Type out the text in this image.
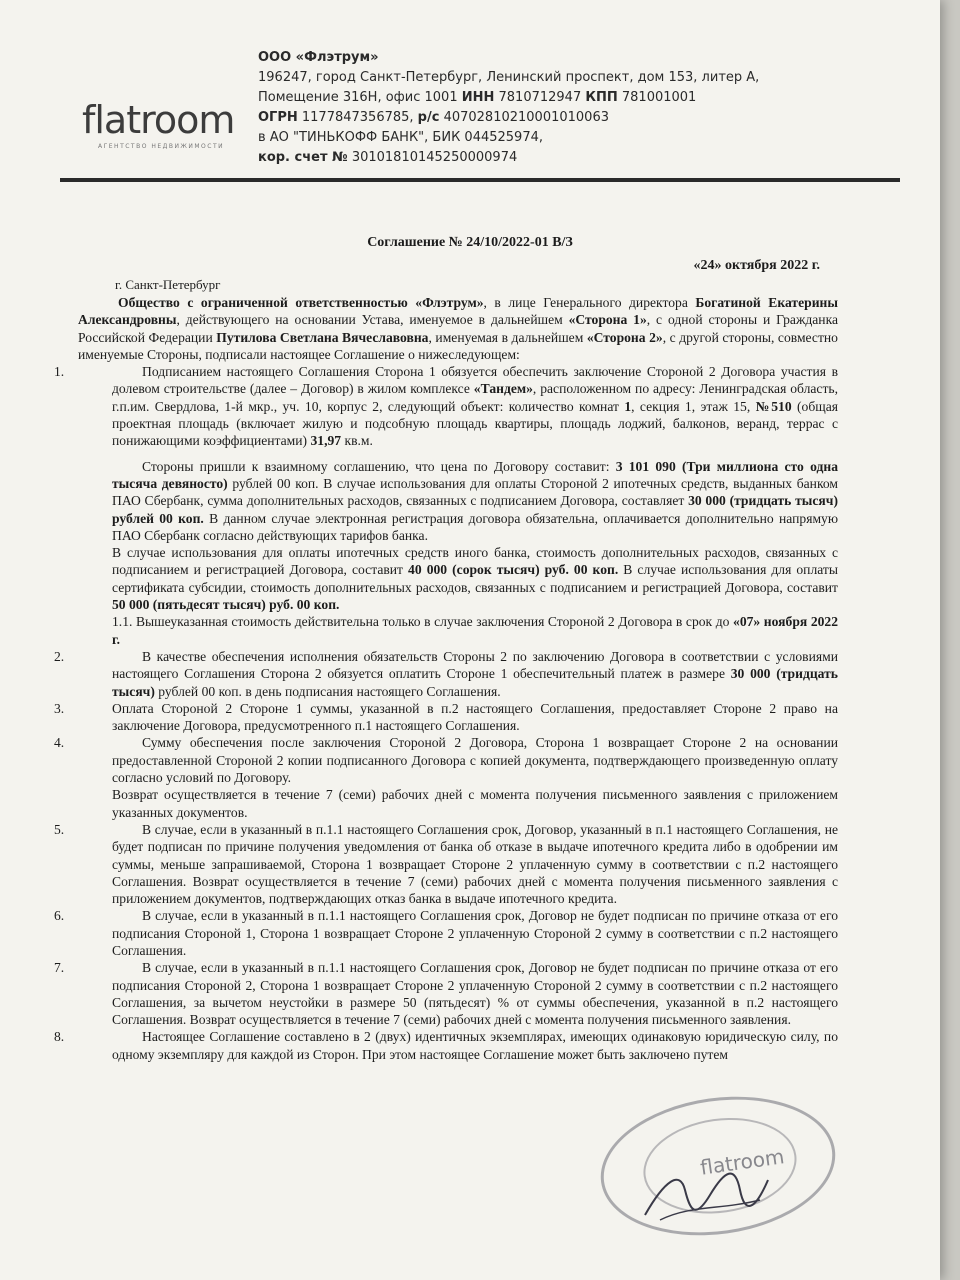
flatroom
АГЕНТСТВО НЕДВИЖИМОСТИ
ООО «Флэтрум»
196247, город Санкт-Петербург, Ленинский проспект, дом 153, литер А,
Помещение 316Н, офис 1001 ИНН 7810712947 КПП 781001001
ОГРН 1177847356785, р/с 40702810210001010063
в АО "ТИНЬКОФФ БАНК", БИК 044525974,
кор. счет № 30101810145250000974
Соглашение № 24/10/2022-01 В/З
«24» октября 2022 г.
г. Санкт-Петербург

Общество с ограниченной ответственностью «Флэтрум», в лице Генерального директора Богатиной Екатерины Александровны, действующего на основании Устава, именуемое в дальнейшем «Сторона 1», с одной стороны и Гражданка Российской Федерации Путилова Светлана Вячеславовна, именуемая в дальнейшем «Сторона 2», с другой стороны, совместно именуемые Стороны, подписали настоящее Соглашение о нижеследующем:

1.	Подписанием настоящего Соглашения Сторона 1 обязуется обеспечить заключение Стороной 2 Договора участия в долевом строительстве (далее – Договор) в жилом комплексе «Тандем», расположенном по адресу: Ленинградская область, г.п.им. Свердлова, 1-й мкр., уч. 10, корпус 2, следующий объект: количество комнат 1, секция 1, этаж 15, №510 (общая проектная площадь (включает жилую и подсобную площадь квартиры, площадь лоджий, балконов, веранд, террас с понижающими коэффициентами) 31,97 кв.м.

Стороны пришли к взаимному соглашению, что цена по Договору составит: 3 101 090 (Три миллиона сто одна тысяча девяносто) рублей 00 коп. В случае использования для оплаты Стороной 2 ипотечных средств, выданных банком ПАО Сбербанк, сумма дополнительных расходов, связанных с подписанием Договора, составляет 30 000 (тридцать тысяч) рублей 00 коп. В данном случае электронная регистрация договора обязательна, оплачивается дополнительно напрямую ПАО Сбербанк согласно действующих тарифов банка.

В случае использования для оплаты ипотечных средств иного банка, стоимость дополнительных расходов, связанных с подписанием и регистрацией Договора, составит 40 000 (сорок тысяч) руб. 00 коп. В случае использования для оплаты сертификата субсидии, стоимость дополнительных расходов, связанных с подписанием и регистрацией Договора, составит 50 000 (пятьдесят тысяч) руб. 00 коп.

1.1. Вышеуказанная стоимость действительна только в случае заключения Стороной 2 Договора в срок до «07» ноября 2022 г.

2.	В качестве обеспечения исполнения обязательств Стороны 2 по заключению Договора в соответствии с условиями настоящего Соглашения Сторона 2 обязуется оплатить Стороне 1 обеспечительный платеж в размере 30 000 (тридцать тысяч) рублей 00 коп. в день подписания настоящего Соглашения.

3.	Оплата Стороной 2 Стороне 1 суммы, указанной в п.2 настоящего Соглашения, предоставляет Стороне 2 право на заключение Договора, предусмотренного п.1 настоящего Соглашения.

4.	Сумму обеспечения после заключения Стороной 2 Договора, Сторона 1 возвращает Стороне 2 на основании предоставленной Стороной 2 копии подписанного Договора с копией документа, подтверждающего произведенную оплату согласно условий по Договору.

Возврат осуществляется в течение 7 (семи) рабочих дней с момента получения письменного заявления с приложением указанных документов.

5.	В случае, если в указанный в п.1.1 настоящего Соглашения срок, Договор, указанный в п.1 настоящего Соглашения, не будет подписан по причине получения уведомления от банка об отказе в выдаче ипотечного кредита либо в одобрении им суммы, меньше запрашиваемой, Сторона 1 возвращает Стороне 2 уплаченную сумму в соответствии с п.2 настоящего Соглашения. Возврат осуществляется в течение 7 (семи) рабочих дней с момента получения письменного заявления с приложением документов, подтверждающих отказ банка в выдаче ипотечного кредита.

6.	В случае, если в указанный в п.1.1 настоящего Соглашения срок, Договор не будет подписан по причине отказа от его подписания Стороной 1, Сторона 1 возвращает Стороне 2 уплаченную Стороной 2 сумму в соответствии с п.2 настоящего Соглашения.

7.	В случае, если в указанный в п.1.1 настоящего Соглашения срок, Договор не будет подписан по причине отказа от его подписания Стороной 2, Сторона 1 возвращает Стороне 2 уплаченную Стороной 2 сумму в соответствии с п.2 настоящего Соглашения, за вычетом неустойки в размере 50 (пятьдесят) % от суммы обеспечения, указанной в п.2 настоящего Соглашения. Возврат осуществляется в течение 7 (семи) рабочих дней с момента получения письменного заявления.

8.	Настоящее Соглашение составлено в 2 (двух) идентичных экземплярах, имеющих одинаковую юридическую силу, по одному экземпляру для каждой из Сторон. При этом настоящее Соглашение может быть заключено путем

flatroom
